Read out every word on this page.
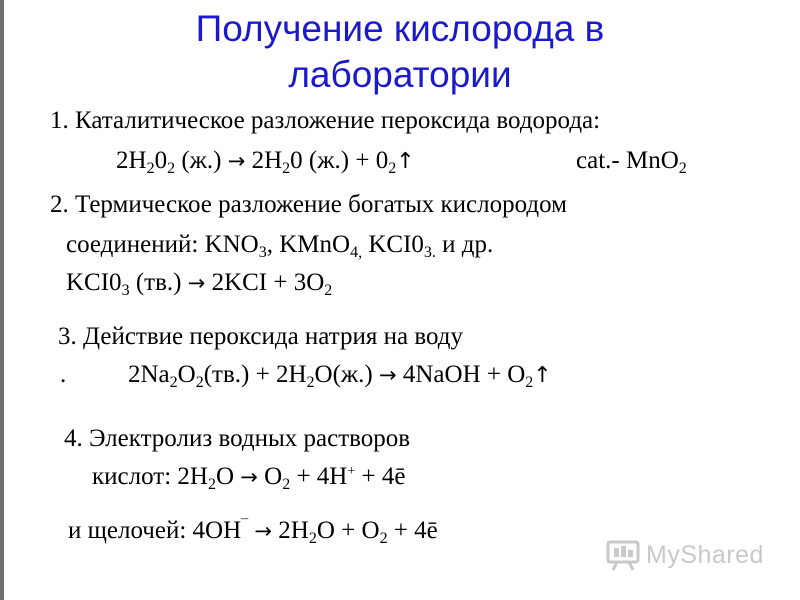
Получение кислорода в лаборатории
1. Каталитическое разложение пероксида водорода:
$2H_20_2$ $(ж.) \to 2H_20$ $(ж.) + 0_2↑$	cat.- MnO$_2$
2. Термическое разложение богатых кислородом
соединений: $KNO_3$, KMnO$_{4,}$ $KCI0_{3.}$ и др.
$KCI0_3$ $(тв.) \to 2KCI + 3O_2$
3. Действие пероксида натрия на воду
. $2Na_2O_2(тв.) + 2H_2O(ж.)$ → 4NaOH + $O_2↑$
4. Электролиз водных растворов
кислот: $2H_2O \to O_2 + 4H^+$ + 4ē
и щелочей: $4OH^¯ \to 2H_2O + O_2$ + 4ē
MyShared
